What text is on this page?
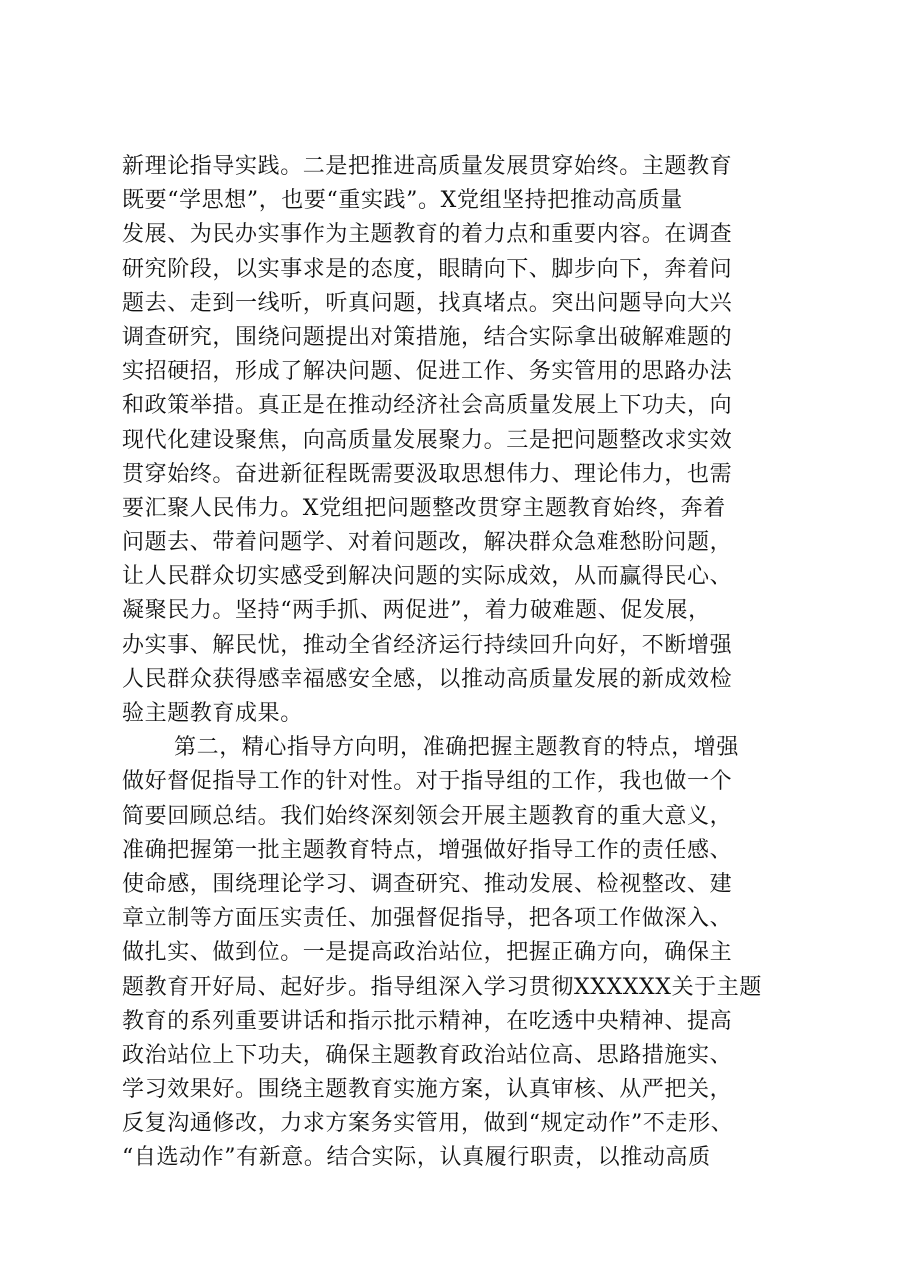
新理论指导实践。二是把推进高质量发展贯穿始终。主题教育
既要“学思想”，也要“重实践”。X党组坚持把推动高质量
发展、为民办实事作为主题教育的着力点和重要内容。在调查
研究阶段，以实事求是的态度，眼睛向下、脚步向下，奔着问
题去、走到一线听，听真问题，找真堵点。突出问题导向大兴
调查研究，围绕问题提出对策措施，结合实际拿出破解难题的
实招硬招，形成了解决问题、促进工作、务实管用的思路办法
和政策举措。真正是在推动经济社会高质量发展上下功夫，向
现代化建设聚焦，向高质量发展聚力。三是把问题整改求实效
贯穿始终。奋进新征程既需要汲取思想伟力、理论伟力，也需
要汇聚人民伟力。X党组把问题整改贯穿主题教育始终，奔着
问题去、带着问题学、对着问题改，解决群众急难愁盼问题，
让人民群众切实感受到解决问题的实际成效，从而赢得民心、
凝聚民力。坚持“两手抓、两促进”，着力破难题、促发展，
办实事、解民忧，推动全省经济运行持续回升向好，不断增强
人民群众获得感幸福感安全感，以推动高质量发展的新成效检
验主题教育成果。
第二，精心指导方向明，准确把握主题教育的特点，增强
做好督促指导工作的针对性。对于指导组的工作，我也做一个
简要回顾总结。我们始终深刻领会开展主题教育的重大意义，
准确把握第一批主题教育特点，增强做好指导工作的责任感、
使命感，围绕理论学习、调查研究、推动发展、检视整改、建
章立制等方面压实责任、加强督促指导，把各项工作做深入、
做扎实、做到位。一是提高政治站位，把握正确方向，确保主
题教育开好局、起好步。指导组深入学习贯彻XXXXXX关于主题
教育的系列重要讲话和指示批示精神，在吃透中央精神、提高
政治站位上下功夫，确保主题教育政治站位高、思路措施实、
学习效果好。围绕主题教育实施方案，认真审核、从严把关，
反复沟通修改，力求方案务实管用，做到“规定动作”不走形、
“自选动作”有新意。结合实际，认真履行职责，以推动高质
